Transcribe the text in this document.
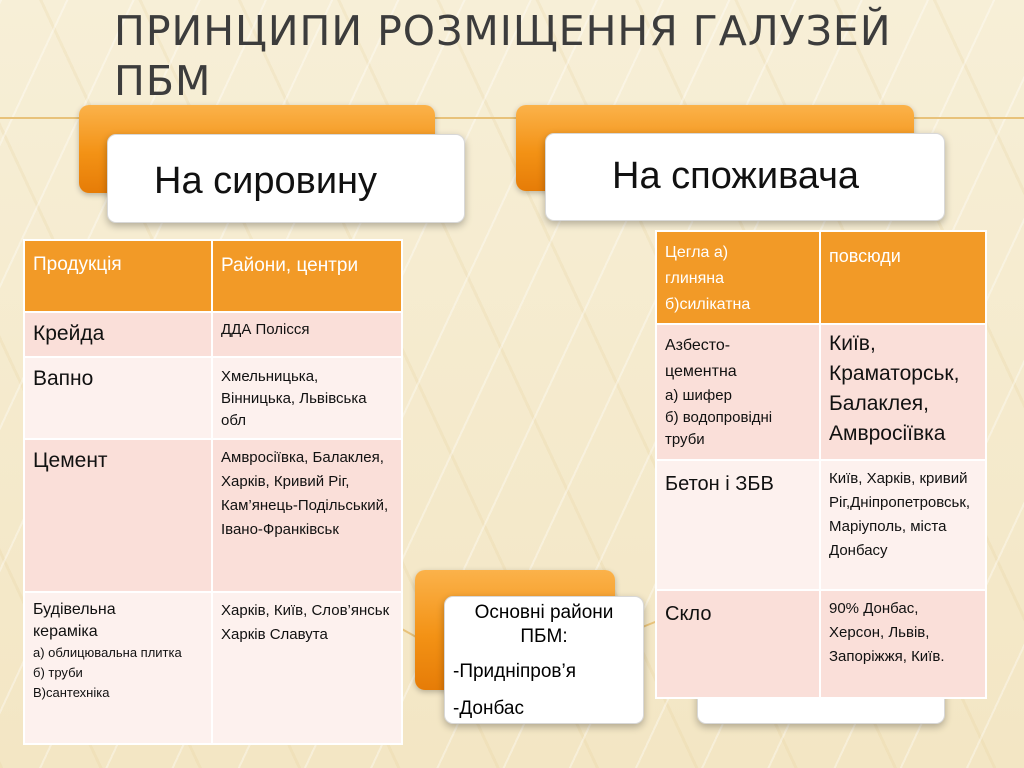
ПРИНЦИПИ РОЗМІЩЕННЯ ГАЛУЗЕЙ
ПБМ
На сировину	На споживача
Продукція	Райони, центри
Крейда	ДДА Полісся
Вапно	Хмельницька, Вінницька, Львівська обл
Цемент	Амвросіївка, Балаклея, Харків, Кривий Ріг, Кам’янець-Подільський, Івано-Франківськ

Будівельна кераміка
а) облицювальна плитка
б) труби
В)сантехніка	Харків, Київ, Слов’янськ Харків Славута
Основні райони
ПБМ:
-Придніпров’я
-Донбас
Цегла а)
глиняна
б)силікатна	повсюди

Азбесто-
цементна
а) шифер
б) водопровідні
труби	Київ, Краматорськ, Балаклея, Амвросіївка
Бетон і ЗБВ	Київ, Харків, кривий Ріг,Дніпропетровськ, Маріуполь, міста Донбасу
Скло	90% Донбас, Херсон, Львів, Запоріжжя, Київ.
